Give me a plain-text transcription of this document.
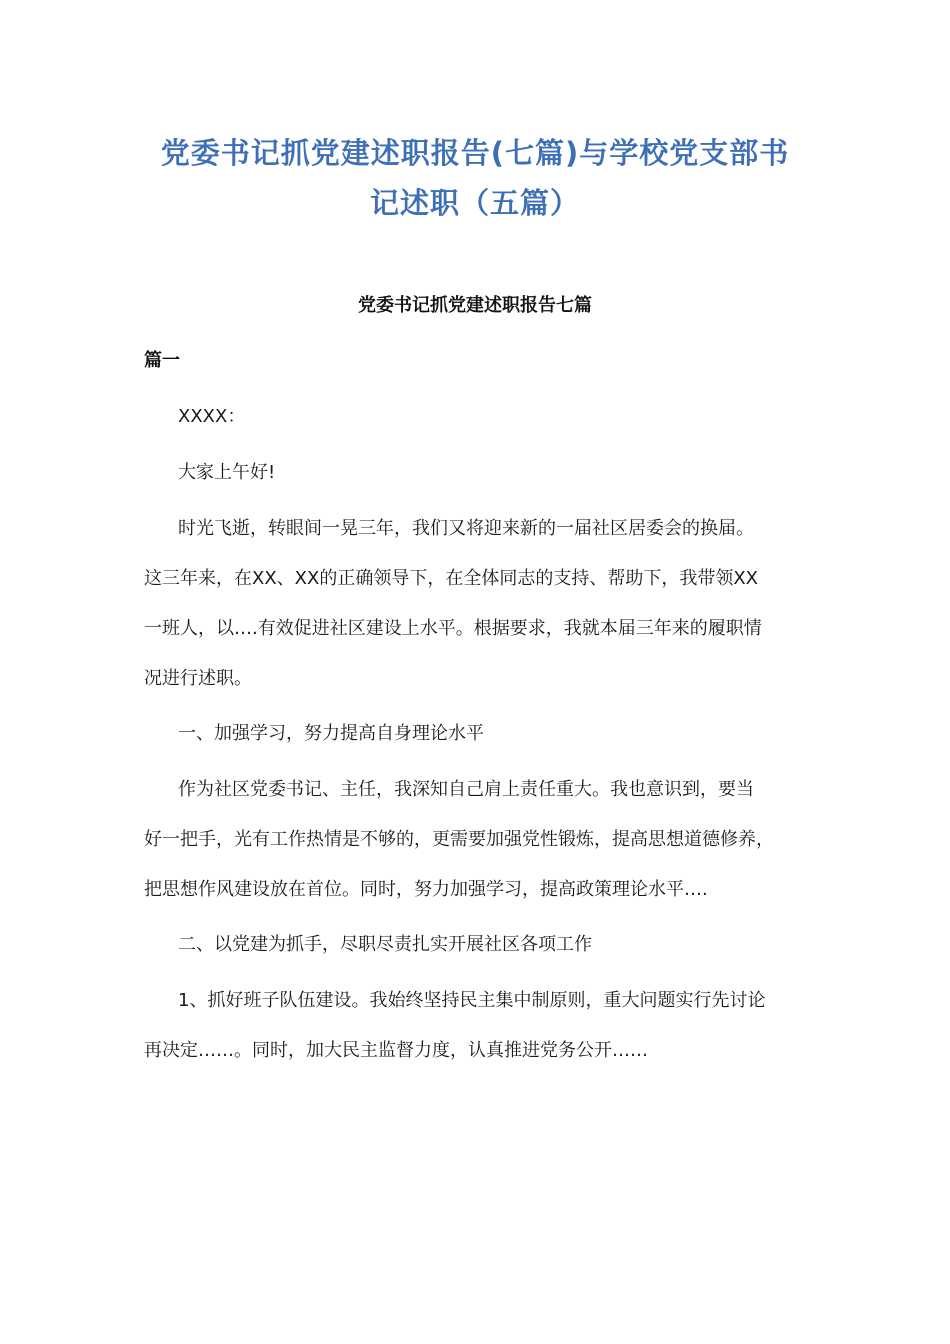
党委书记抓党建述职报告(七篇)与学校党支部书
记述职（五篇）
党委书记抓党建述职报告七篇
篇一

XXXX：

大家上午好!

时光飞逝，转眼间一晃三年，我们又将迎来新的一届社区居委会的换届。
这三年来，在XX、XX的正确领导下，在全体同志的支持、帮助下，我带领XX
一班人，以….有效促进社区建设上水平。根据要求，我就本届三年来的履职情
况进行述职。

一、加强学习，努力提高自身理论水平

作为社区党委书记、主任，我深知自己肩上责任重大。我也意识到，要当
好一把手，光有工作热情是不够的，更需要加强党性锻炼，提高思想道德修养，
把思想作风建设放在首位。同时，努力加强学习，提高政策理论水平….

二、以党建为抓手，尽职尽责扎实开展社区各项工作

1、抓好班子队伍建设。我始终坚持民主集中制原则，重大问题实行先讨论
再决定……。同时，加大民主监督力度，认真推进党务公开……
